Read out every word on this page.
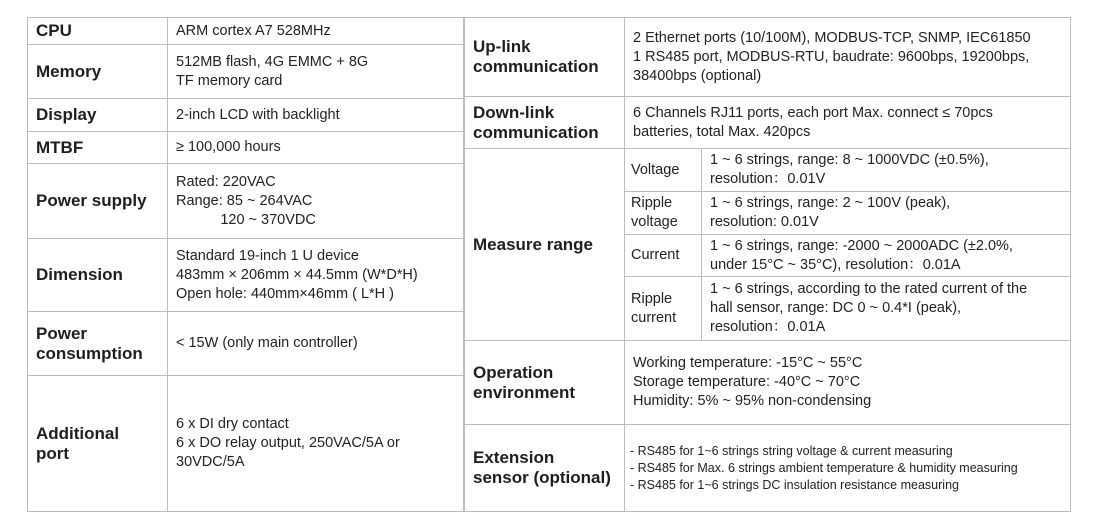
CPU	ARM cortex A7 528MHz

Memory	512MB flash, 4G EMMC + 8G
TF memory card

Display	2-inch LCD with backlight

MTBF	≥ 100,000 hours

Power supply	Rated: 220VAC
Range: 85 ~ 264VAC
120 ~ 370VDC

Dimension	Standard 19-inch 1 U device
483mm × 206mm × 44.5mm (W*D*H)
Open hole: 440mm×46mm ( L*H )

Power
consumption	< 15W (only main controller)

Additional
port	6 x DI dry contact
6 x DO relay output, 250VAC/5A or
30VDC/5A
Up-link
communication	2 Ethernet ports (10/100M), MODBUS-TCP, SNMP, IEC61850
1 RS485 port, MODBUS-RTU, baudrate: 9600bps, 19200bps,
38400bps (optional)	

Down-link
communication	6 Channels RJ11 ports, each port Max. connect ≤ 70pcs
batteries, total Max. 420pcs	

Measure range	Voltage	1 ~ 6 strings, range: 8 ~ 1000VDC (±0.5%),
resolution：0.01V

	Ripple
voltage	1 ~ 6 strings, range: 2 ~ 100V (peak),
resolution: 0.01V

	Current	1 ~ 6 strings, range: -2000 ~ 2000ADC (±2.0%,
under 15°C ~ 35°C), resolution：0.01A

	Ripple
current	1 ~ 6 strings, according to the rated current of the
hall sensor, range: DC 0 ~ 0.4*I (peak),
resolution：0.01A

Operation
environment	Working temperature: -15°C ~ 55°C
Storage temperature: -40°C ~ 70°C
Humidity: 5% ~ 95% non-condensing	

Extension
sensor (optional)	- RS485 for 1~6 strings string voltage & current measuring
- RS485 for Max. 6 strings ambient temperature & humidity measuring
- RS485 for 1~6 strings DC insulation resistance measuring	
